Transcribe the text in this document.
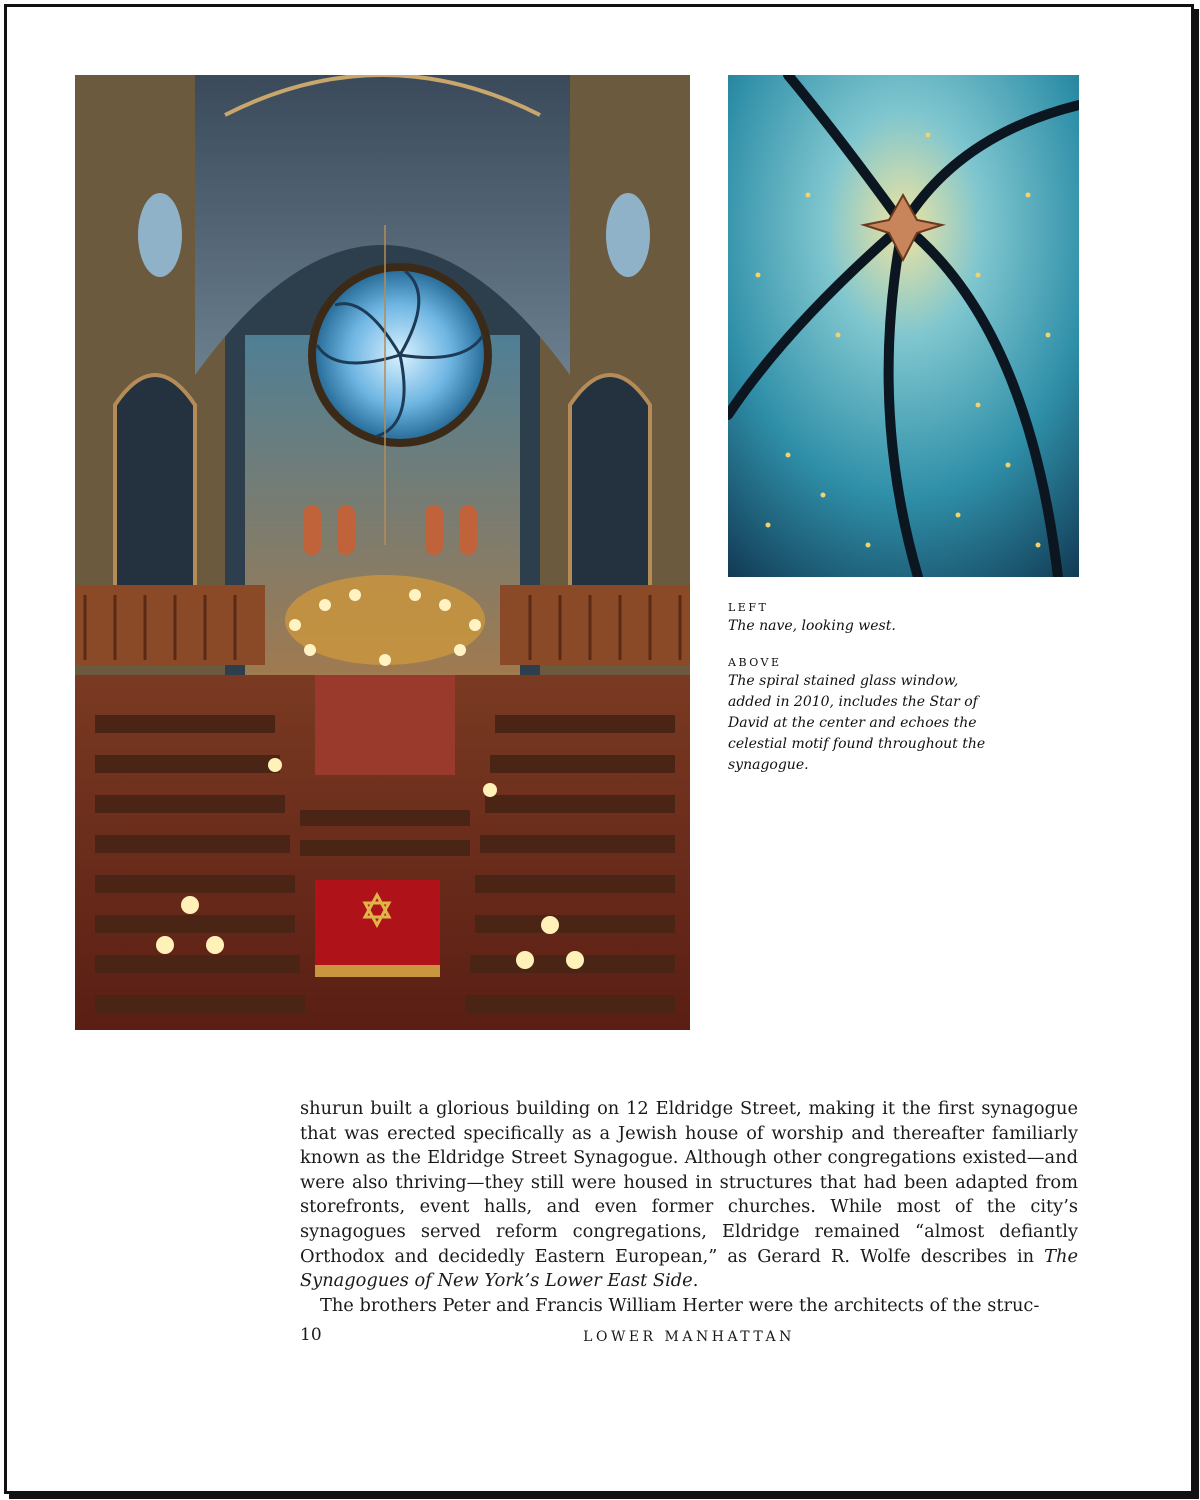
LEFT
The nave, looking west.
ABOVE
The spiral stained glass window, added in 2010, includes the Star of David at the center and echoes the celestial motif found throughout the synagogue.

shurun built a glorious building on 12 Eldridge Street, making it the first synagogue that was erected specifically as a Jewish house of worship and thereafter familiarly known as the Eldridge Street Synagogue. Although other congregations existed—and were also thriving—they still were housed in structures that had been adapted from storefronts, event halls, and even former churches. While most of the city’s synagogues served reform congregations, Eldridge remained “almost defiantly Orthodox and decidedly Eastern European,” as Gerard R. Wolfe describes in The Synagogues of New York’s Lower East Side.

The brothers Peter and Francis William Herter were the architects of the struc-

10	LOWER MANHATTAN
